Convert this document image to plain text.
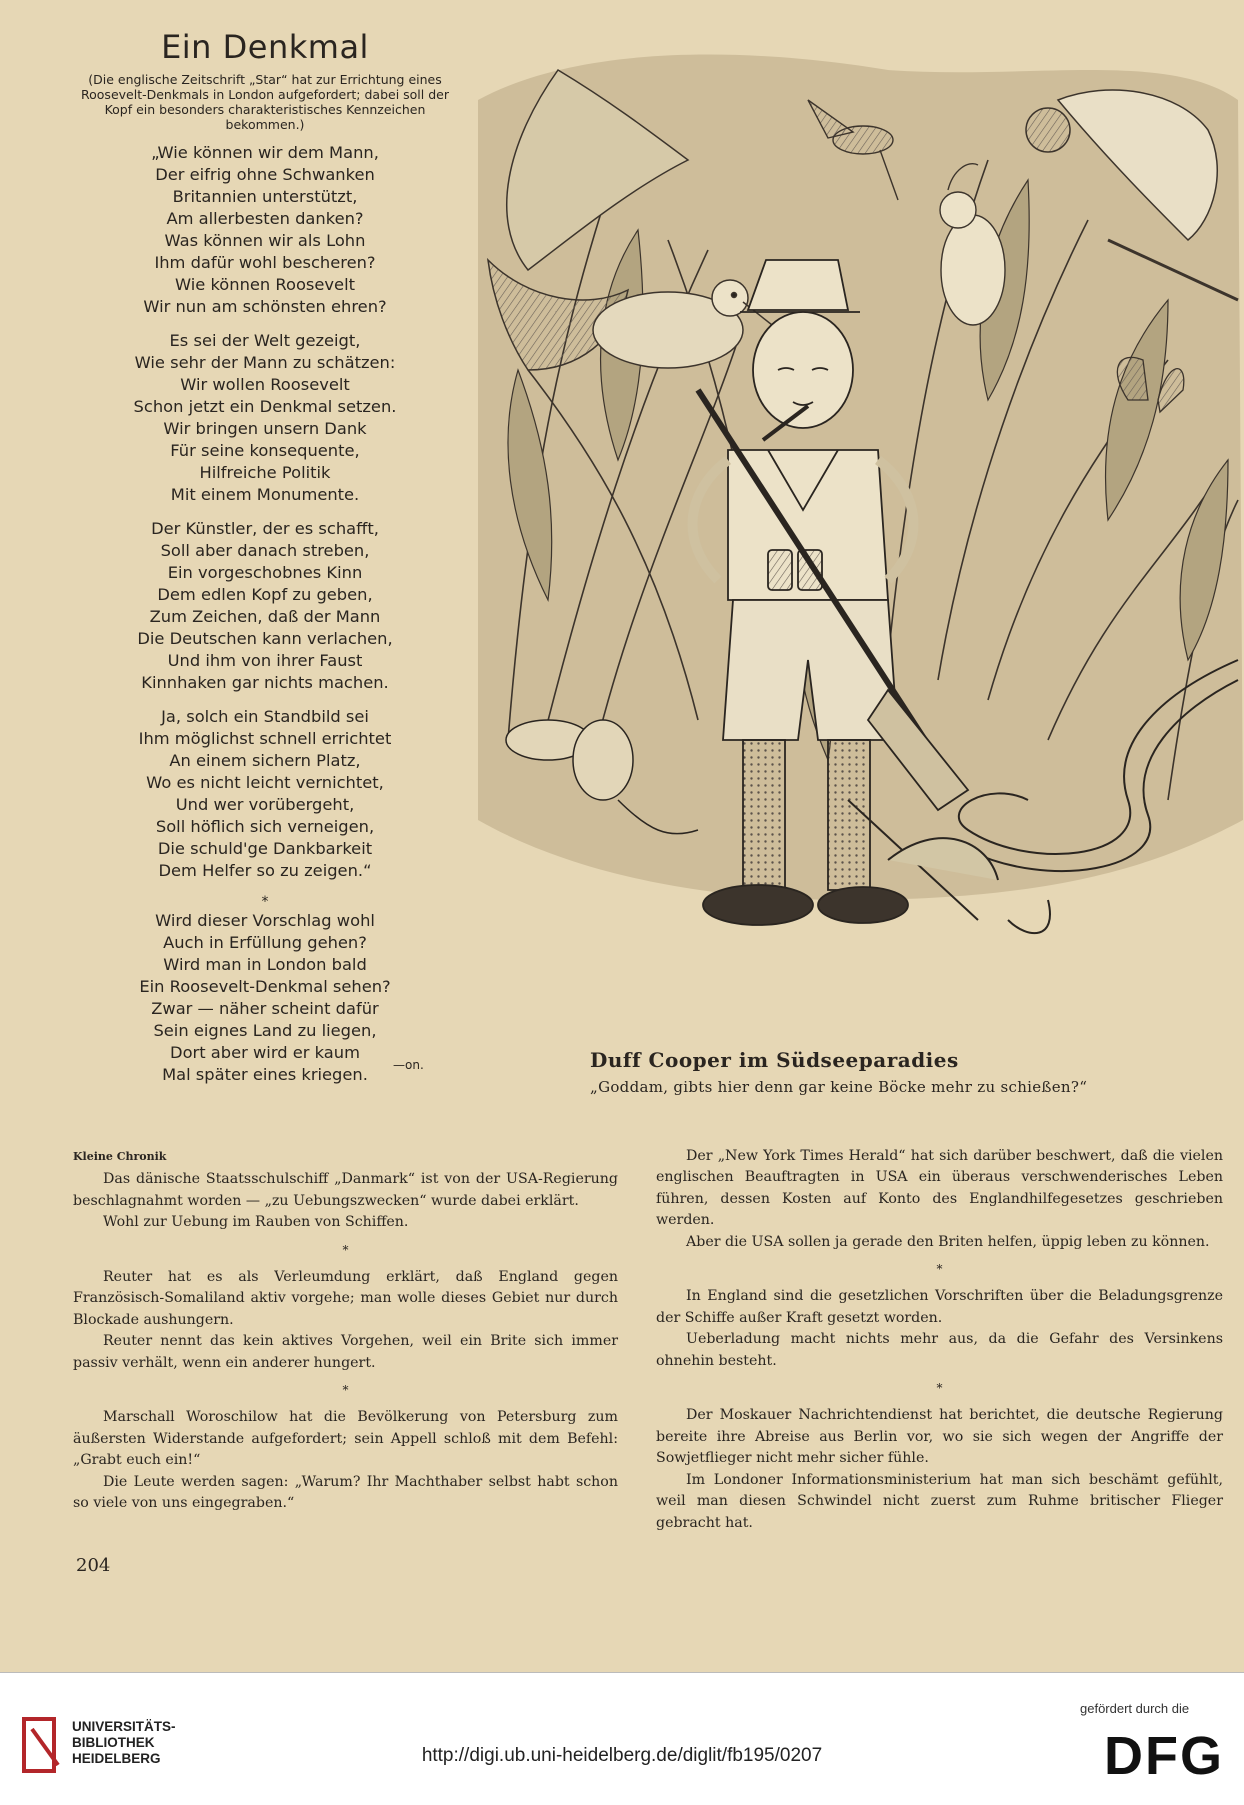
Ein Denkmal
(Die englische Zeitschrift „Star“ hat zur Errichtung eines Roosevelt-Denkmals in London aufgefordert; dabei soll der Kopf ein besonders charakteristisches Kennzeichen bekommen.)
„Wie können wir dem Mann,
Der eifrig ohne Schwanken
Britannien unterstützt,
Am allerbesten danken?
Was können wir als Lohn
Ihm dafür wohl bescheren?
Wie können Roosevelt
Wir nun am schönsten ehren?
Es sei der Welt gezeigt,
Wie sehr der Mann zu schätzen:
Wir wollen Roosevelt
Schon jetzt ein Denkmal setzen.
Wir bringen unsern Dank
Für seine konsequente,
Hilfreiche Politik
Mit einem Monumente.
Der Künstler, der es schafft,
Soll aber danach streben,
Ein vorgeschobnes Kinn
Dem edlen Kopf zu geben,
Zum Zeichen, daß der Mann
Die Deutschen kann verlachen,
Und ihm von ihrer Faust
Kinnhaken gar nichts machen.
Ja, solch ein Standbild sei
Ihm möglichst schnell errichtet
An einem sichern Platz,
Wo es nicht leicht vernichtet,
Und wer vorübergeht,
Soll höflich sich verneigen,
Die schuld'ge Dankbarkeit
Dem Helfer so zu zeigen.“
*
Wird dieser Vorschlag wohl
Auch in Erfüllung gehen?
Wird man in London bald
Ein Roosevelt-Denkmal sehen?
Zwar — näher scheint dafür
Sein eignes Land zu liegen,
Dort aber wird er kaum
Mal später eines kriegen.	—on.	Duff Cooper im Südseeparadies

„Goddam, gibts hier denn gar keine Böcke mehr zu schießen?“

Kleine Chronik

Das dänische Staatsschulschiff „Danmark“ ist von der USA-Regierung beschlagnahmt worden — „zu Uebungszwecken“ wurde dabei erklärt.

Wohl zur Uebung im Rauben von Schiffen.

*

Reuter hat es als Verleumdung erklärt, daß England gegen Französisch-Somaliland aktiv vorgehe; man wolle dieses Gebiet nur durch Blockade aushungern.

Reuter nennt das kein aktives Vorgehen, weil ein Brite sich immer passiv verhält, wenn ein anderer hungert.

*

Marschall Woroschilow hat die Bevölkerung von Petersburg zum äußersten Widerstande aufgefordert; sein Appell schloß mit dem Befehl: „Grabt euch ein!“

Die Leute werden sagen: „Warum? Ihr Machthaber selbst habt schon so viele von uns eingegraben.“

Der „New York Times Herald“ hat sich darüber beschwert, daß die vielen englischen Beauftragten in USA ein überaus verschwenderisches Leben führen, dessen Kosten auf Konto des Englandhilfegesetzes geschrieben werden.

Aber die USA sollen ja gerade den Briten helfen, üppig leben zu können.

*

In England sind die gesetzlichen Vorschriften über die Beladungsgrenze der Schiffe außer Kraft gesetzt worden.

Ueberladung macht nichts mehr aus, da die Gefahr des Versinkens ohnehin besteht.

*

Der Moskauer Nachrichtendienst hat berichtet, die deutsche Regierung bereite ihre Abreise aus Berlin vor, wo sie sich wegen der Angriffe der Sowjetflieger nicht mehr sicher fühle.

Im Londoner Informationsministerium hat man sich beschämt gefühlt, weil man diesen Schwindel nicht zuerst zum Ruhme britischer Flieger gebracht hat.

204
UNIVERSITÄTS-
BIBLIOTHEK
HEIDELBERG	http://digi.ub.uni-heidelberg.de/diglit/fb195/0207
gefördert durch die
DFG
